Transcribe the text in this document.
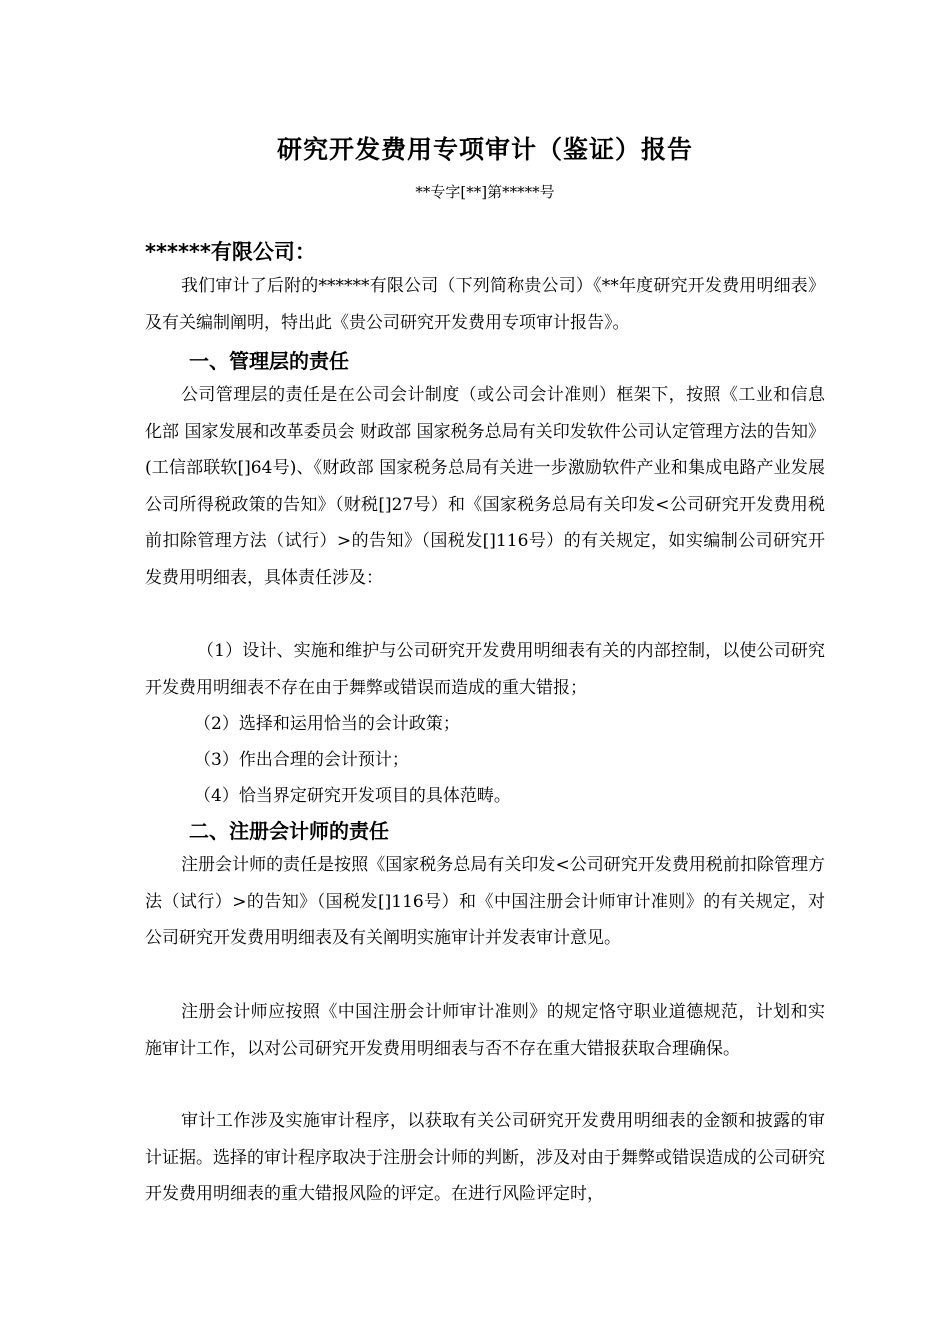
研究开发费用专项审计（鉴证）报告

**专字[**]第*****号

******有限公司：

我们审计了后附的******有限公司（下列简称贵公司）《**年度研究开发费用明细表》及有关编制阐明，特出此《贵公司研究开发费用专项审计报告》。

一、管理层的责任

公司管理层的责任是在公司会计制度（或公司会计准则）框架下，按照《工业和信息化部 国家发展和改革委员会 财政部 国家税务总局有关印发软件公司认定管理方法的告知》(工信部联软[]64号)、《财政部 国家税务总局有关进一步激励软件产业和集成电路产业发展公司所得税政策的告知》（财税[]27号）和《国家税务总局有关印发<公司研究开发费用税前扣除管理方法（试行）>的告知》（国税发[]116号）的有关规定，如实编制公司研究开发费用明细表，具体责任涉及：

（1）设计、实施和维护与公司研究开发费用明细表有关的内部控制，以使公司研究开发费用明细表不存在由于舞弊或错误而造成的重大错报；

（2）选择和运用恰当的会计政策；

（3）作出合理的会计预计；

（4）恰当界定研究开发项目的具体范畴。

二、注册会计师的责任

注册会计师的责任是按照《国家税务总局有关印发<公司研究开发费用税前扣除管理方法（试行）>的告知》（国税发[]116号）和《中国注册会计师审计准则》的有关规定，对公司研究开发费用明细表及有关阐明实施审计并发表审计意见。

注册会计师应按照《中国注册会计师审计准则》的规定恪守职业道德规范，计划和实施审计工作，以对公司研究开发费用明细表与否不存在重大错报获取合理确保。

审计工作涉及实施审计程序，以获取有关公司研究开发费用明细表的金额和披露的审计证据。选择的审计程序取决于注册会计师的判断，涉及对由于舞弊或错误造成的公司研究开发费用明细表的重大错报风险的评定。在进行风险评定时，
